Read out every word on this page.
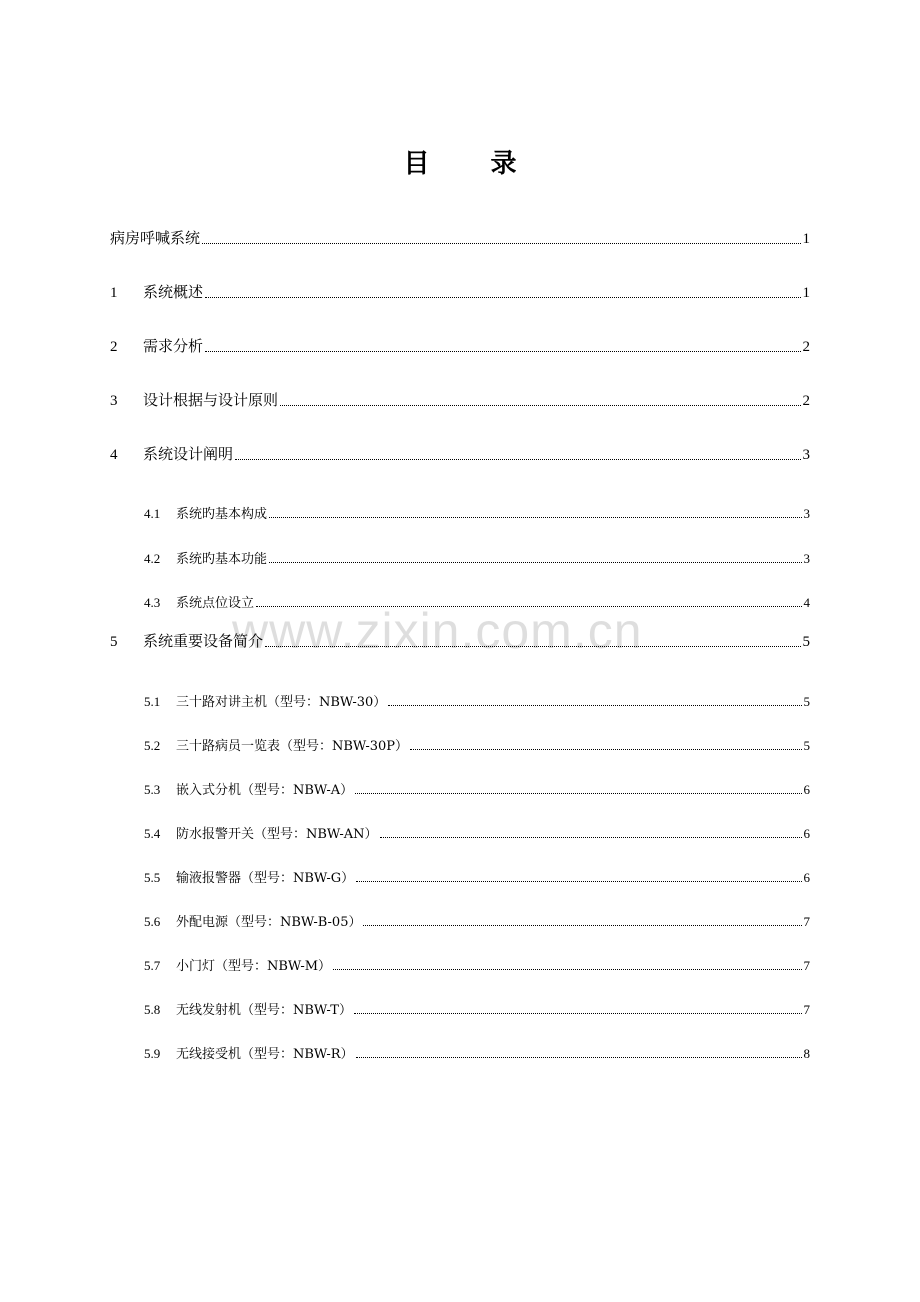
目 录
病房呼喊系统	1
1	系统概述	1
2	需求分析	2
3	设计根据与设计原则	2
4	系统设计阐明	3
4.1	系统旳基本构成	3
4.2	系统旳基本功能	3
4.3	系统点位设立	4
5	系统重要设备简介	5
5.1	三十路对讲主机（型号：NBW-30）	5
5.2	三十路病员一览表（型号：NBW-30P）	5
5.3	嵌入式分机（型号：NBW-A）	6
5.4	防水报警开关（型号：NBW-AN）	6
5.5	输液报警器（型号：NBW-G）	6
5.6	外配电源（型号：NBW-B-05）	7
5.7	小门灯（型号：NBW-M）	7
5.8	无线发射机（型号：NBW-T）	7
5.9	无线接受机（型号：NBW-R）	8
www.zixin.com.cn
